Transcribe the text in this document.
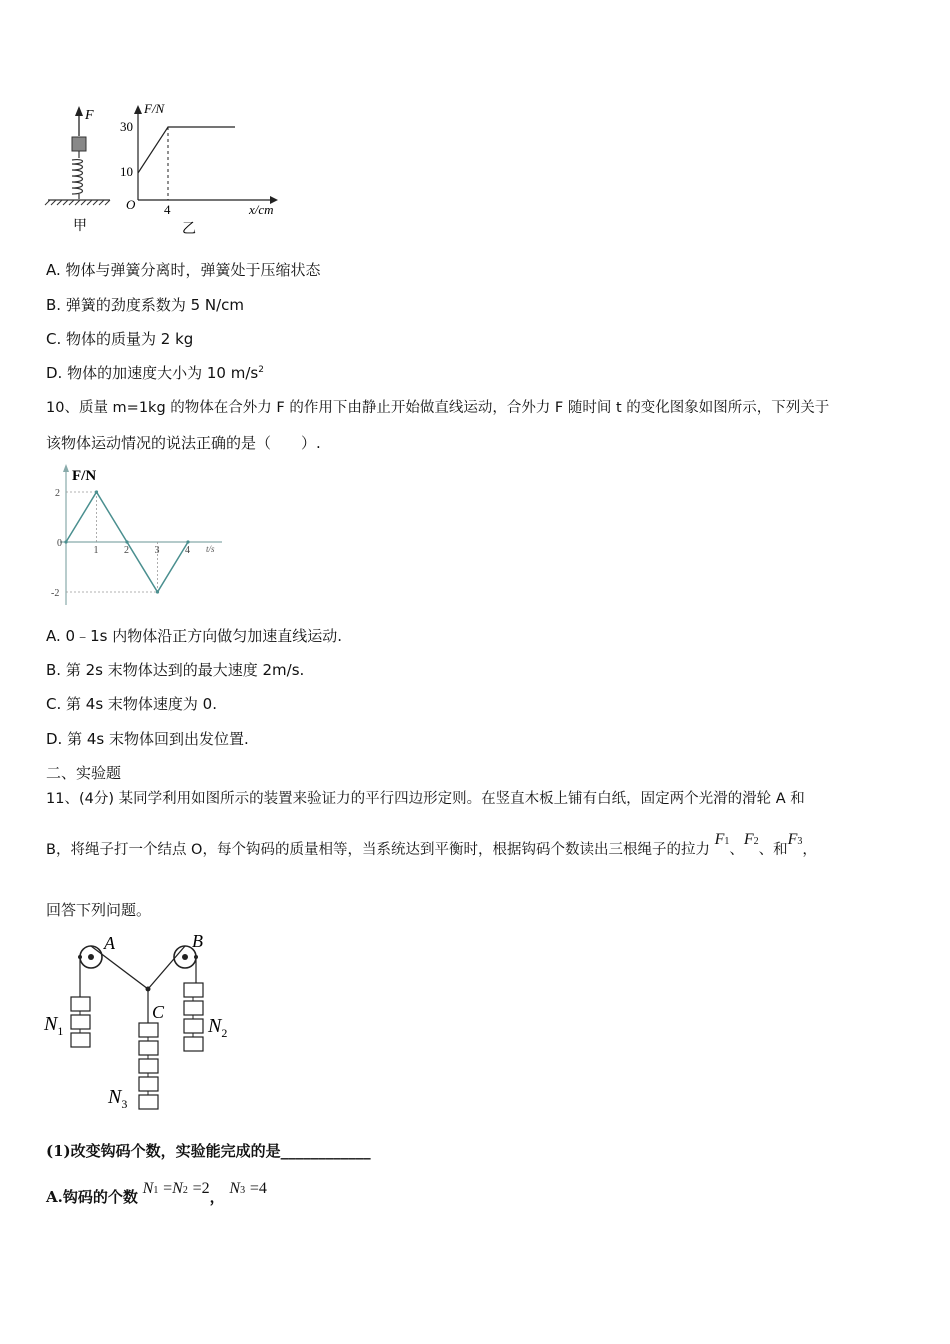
F
甲
F/N
x/cm
O
30
10
4
乙
A. 物体与弹簧分离时，弹簧处于压缩状态
B. 弹簧的劲度系数为 5 N/cm
C. 物体的质量为 2 kg
D. 物体的加速度大小为 10 $m/s^2$
10、质量 m=1kg 的物体在合外力 F 的作用下由静止开始做直线运动，合外力 F 随时间 t 的变化图象如图所示，下列关于
该物体运动情况的说法正确的是（　　）.
F/N
t/s
0
1	2	3	4
2
-2
A. 0﹣1s 内物体沿正方向做匀加速直线运动.
B. 第 2s 末物体达到的最大速度 2m/s.
C. 第 4s 末物体速度为 0.
D. 第 4s 末物体回到出发位置.
二、实验题
11、(4分) 某同学利用如图所示的装置来验证力的平行四边形定则。在竖直木板上铺有白纸，固定两个光滑的滑轮 A 和
B，将绳子打一个结点 O，每个钩码的质量相等，当系统达到平衡时，根据钩码个数读出三根绳子的拉力 F1、F2、和F3，
回答下列问题。
A	B
C
$N_1$	$N_2$
$N_3$
(1)改变钩码个数，实验能完成的是____________
A.钩码的个数 N1 =N2 =2， N3 =4
